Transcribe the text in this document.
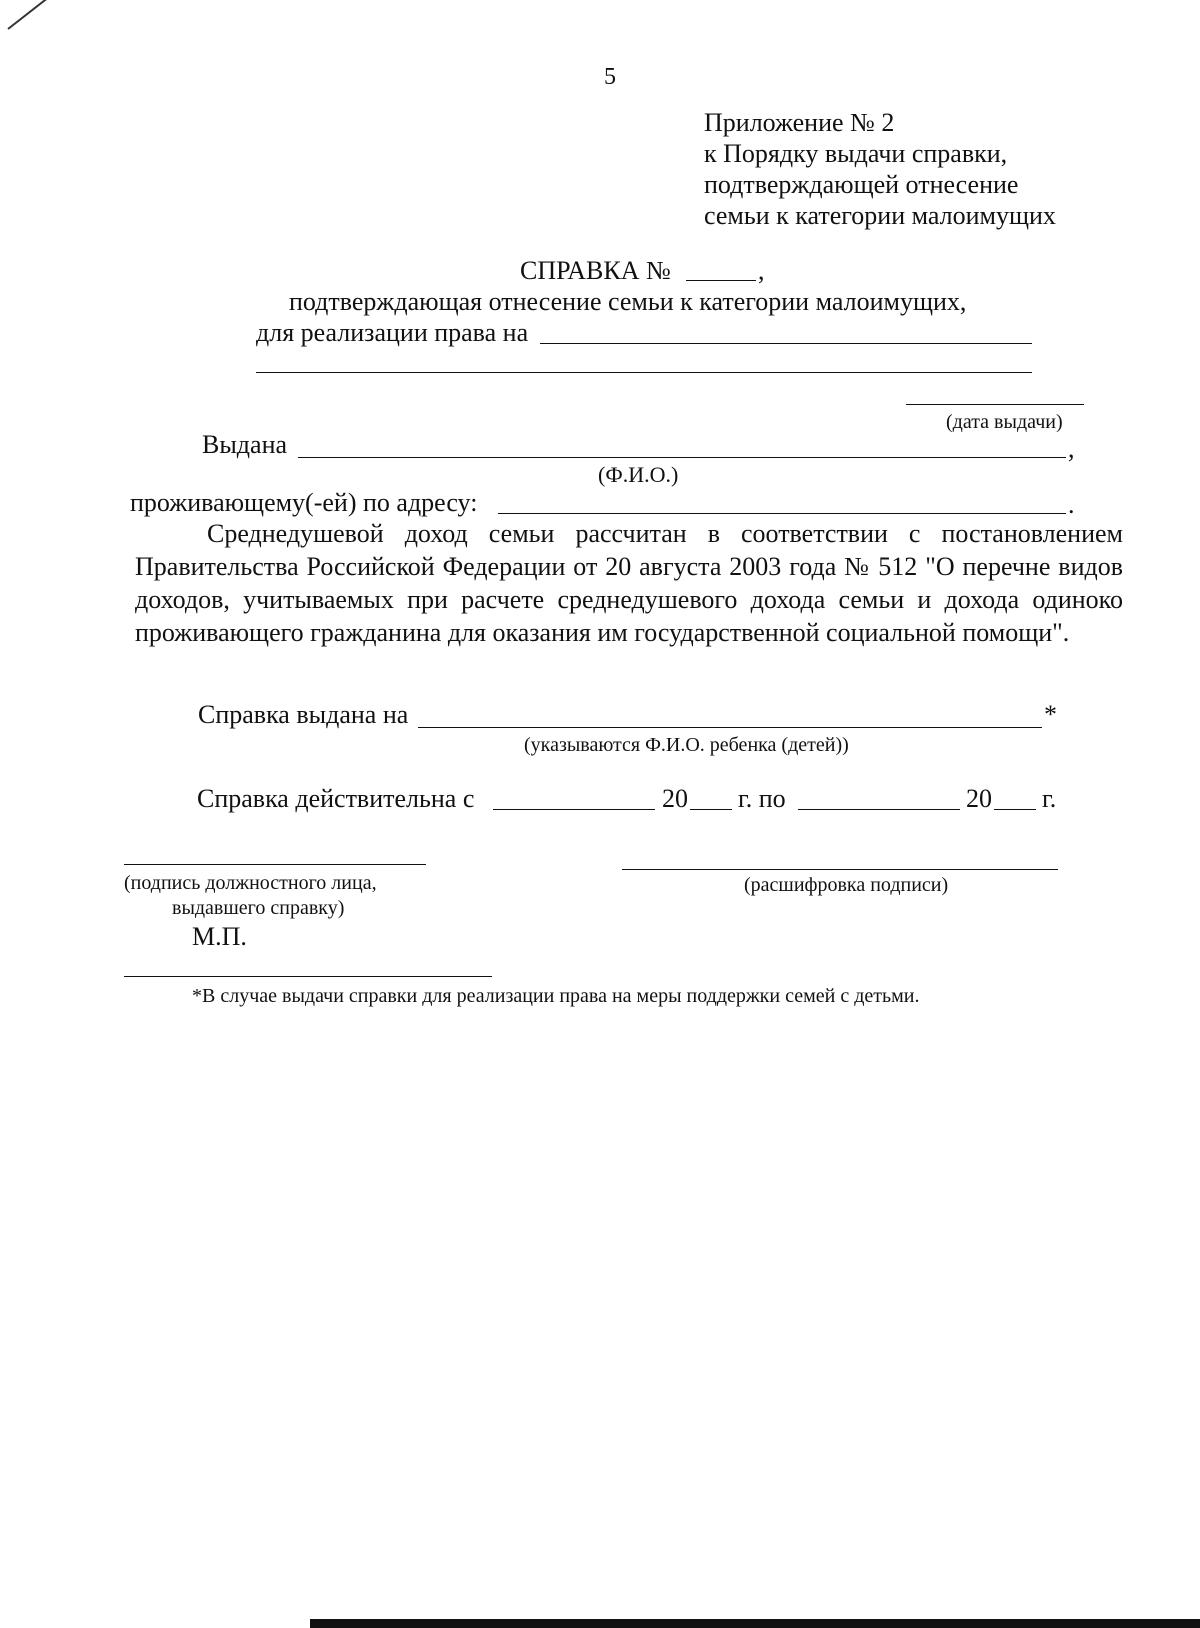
5
Приложение № 2
к Порядку выдачи справки,
подтверждающей отнесение
семьи к категории малоимущих
СПРАВКА №	,
подтверждающая отнесение семьи к категории малоимущих,
для реализации права на
(дата выдачи)
Выдана	,
(Ф.И.О.)
проживающему(-ей) по адресу:	.
Среднедушевой доход семьи рассчитан в соответствии с постановлением Правительства Российской Федерации от 20 августа 2003 года № 512 "О перечне видов доходов, учитываемых при расчете среднедушевого дохода семьи и дохода одиноко проживающего гражданина для оказания им государственной социальной помощи".
Справка выдана на	*
(указываются Ф.И.О. ребенка (детей))
Справка действительна с	20 г. по	20 г.
(подпись должностного лица,
выдавшего справку)
М.П.
(расшифровка подписи)
*В случае выдачи справки для реализации права на меры поддержки семей с детьми.
